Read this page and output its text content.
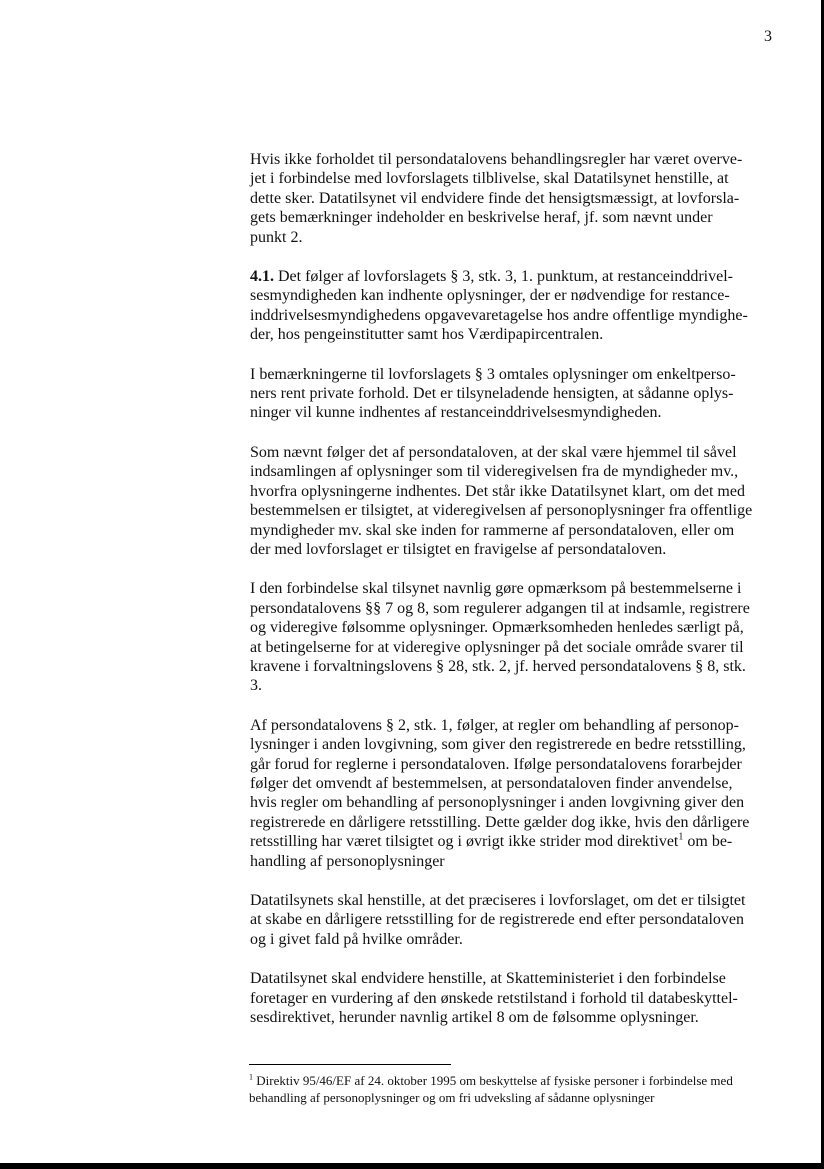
3

Hvis ikke forholdet til persondatalovens behandlingsregler har været overve-
jet i forbindelse med lovforslagets tilblivelse, skal Datatilsynet henstille, at
dette sker. Datatilsynet vil endvidere finde det hensigtsmæssigt, at lovforsla-
gets bemærkninger indeholder en beskrivelse heraf, jf. som nævnt under
punkt 2.

4.1. Det følger af lovforslagets § 3, stk. 3, 1. punktum, at restanceinddrivel-
sesmyndigheden kan indhente oplysninger, der er nødvendige for restance-
inddrivelsesmyndighedens opgavevaretagelse hos andre offentlige myndighe-
der, hos pengeinstitutter samt hos Værdipapircentralen.

I bemærkningerne til lovforslagets § 3 omtales oplysninger om enkeltperso-
ners rent private forhold. Det er tilsyneladende hensigten, at sådanne oplys-
ninger vil kunne indhentes af restanceinddrivelsesmyndigheden.

Som nævnt følger det af persondataloven, at der skal være hjemmel til såvel
indsamlingen af oplysninger som til videregivelsen fra de myndigheder mv.,
hvorfra oplysningerne indhentes. Det står ikke Datatilsynet klart, om det med
bestemmelsen er tilsigtet, at videregivelsen af personoplysninger fra offentlige
myndigheder mv. skal ske inden for rammerne af persondataloven, eller om
der med lovforslaget er tilsigtet en fravigelse af persondataloven.

I den forbindelse skal tilsynet navnlig gøre opmærksom på bestemmelserne i
persondatalovens §§ 7 og 8, som regulerer adgangen til at indsamle, registrere
og videregive følsomme oplysninger. Opmærksomheden henledes særligt på,
at betingelserne for at videregive oplysninger på det sociale område svarer til
kravene i forvaltningslovens § 28, stk. 2, jf. herved persondatalovens § 8, stk.
3.

Af persondatalovens § 2, stk. 1, følger, at regler om behandling af personop-
lysninger i anden lovgivning, som giver den registrerede en bedre retsstilling,
går forud for reglerne i persondataloven. Ifølge persondatalovens forarbejder
følger det omvendt af bestemmelsen, at persondataloven finder anvendelse,
hvis regler om behandling af personoplysninger i anden lovgivning giver den
registrerede en dårligere retsstilling. Dette gælder dog ikke, hvis den dårligere
retsstilling har været tilsigtet og i øvrigt ikke strider mod direktivet$^1$ om be-
handling af personoplysninger

Datatilsynets skal henstille, at det præciseres i lovforslaget, om det er tilsigtet
at skabe en dårligere retsstilling for de registrerede end efter persondataloven
og i givet fald på hvilke områder.

Datatilsynet skal endvidere henstille, at Skatteministeriet i den forbindelse
foretager en vurdering af den ønskede retstilstand i forhold til databeskyttel-
sesdirektivet, herunder navnlig artikel 8 om de følsomme oplysninger.

$^1$ Direktiv 95/46/EF af 24. oktober 1995 om beskyttelse af fysiske personer i forbindelse med
behandling af personoplysninger og om fri udveksling af sådanne oplysninger
